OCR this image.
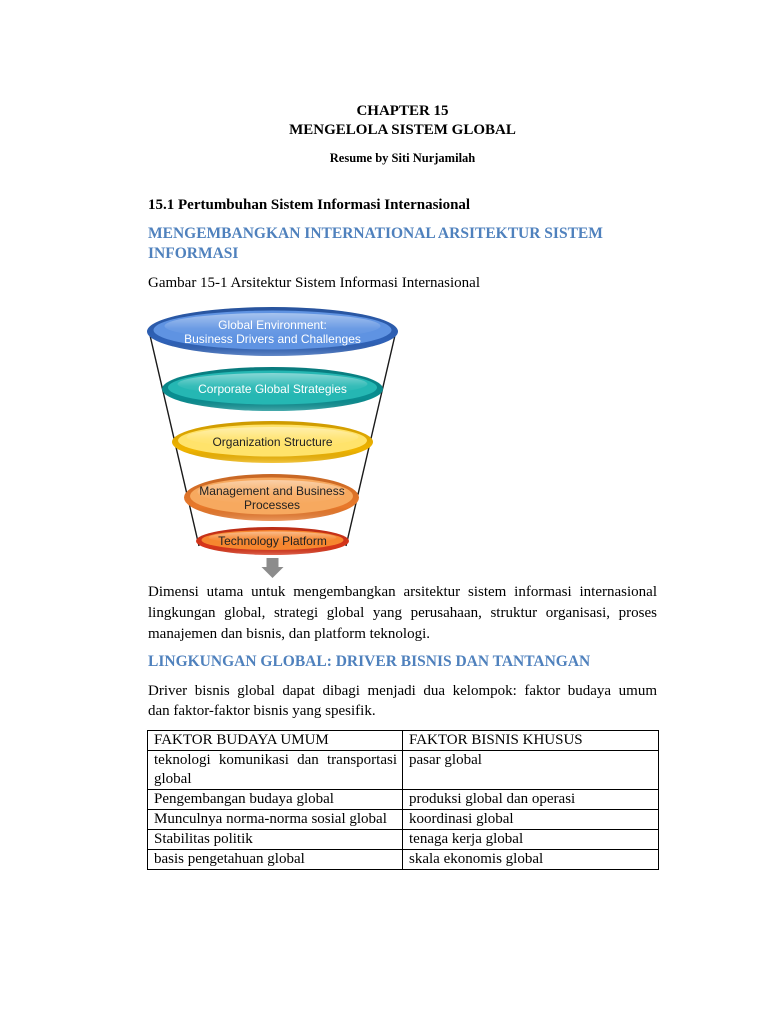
CHAPTER 15
MENGELOLA SISTEM GLOBAL
Resume by Siti Nurjamilah
15.1 Pertumbuhan Sistem Informasi Internasional
MENGEMBANGKAN INTERNATIONAL ARSITEKTUR SISTEM INFORMASI
Gambar 15-1 Arsitektur Sistem Informasi Internasional
Global Environment:
Business Drivers and Challenges
Corporate Global Strategies
Organization Structure
Management and Business
Processes
Technology Platform
Dimensi utama untuk mengembangkan arsitektur sistem informasi internasional
lingkungan global, strategi global yang perusahaan, struktur organisasi, proses
manajemen dan bisnis, dan platform teknologi.
LINGKUNGAN GLOBAL: DRIVER BISNIS DAN TANTANGAN
Driver bisnis global dapat dibagi menjadi dua kelompok: faktor budaya umum
dan faktor-faktor bisnis yang spesifik.
FAKTOR BUDAYA UMUM	FAKTOR BISNIS KHUSUS
teknologi komunikasi dan transportasi global	pasar global
Pengembangan budaya global	produksi global dan operasi
Munculnya norma-norma sosial global	koordinasi global
Stabilitas politik	tenaga kerja global
basis pengetahuan global	skala ekonomis global
